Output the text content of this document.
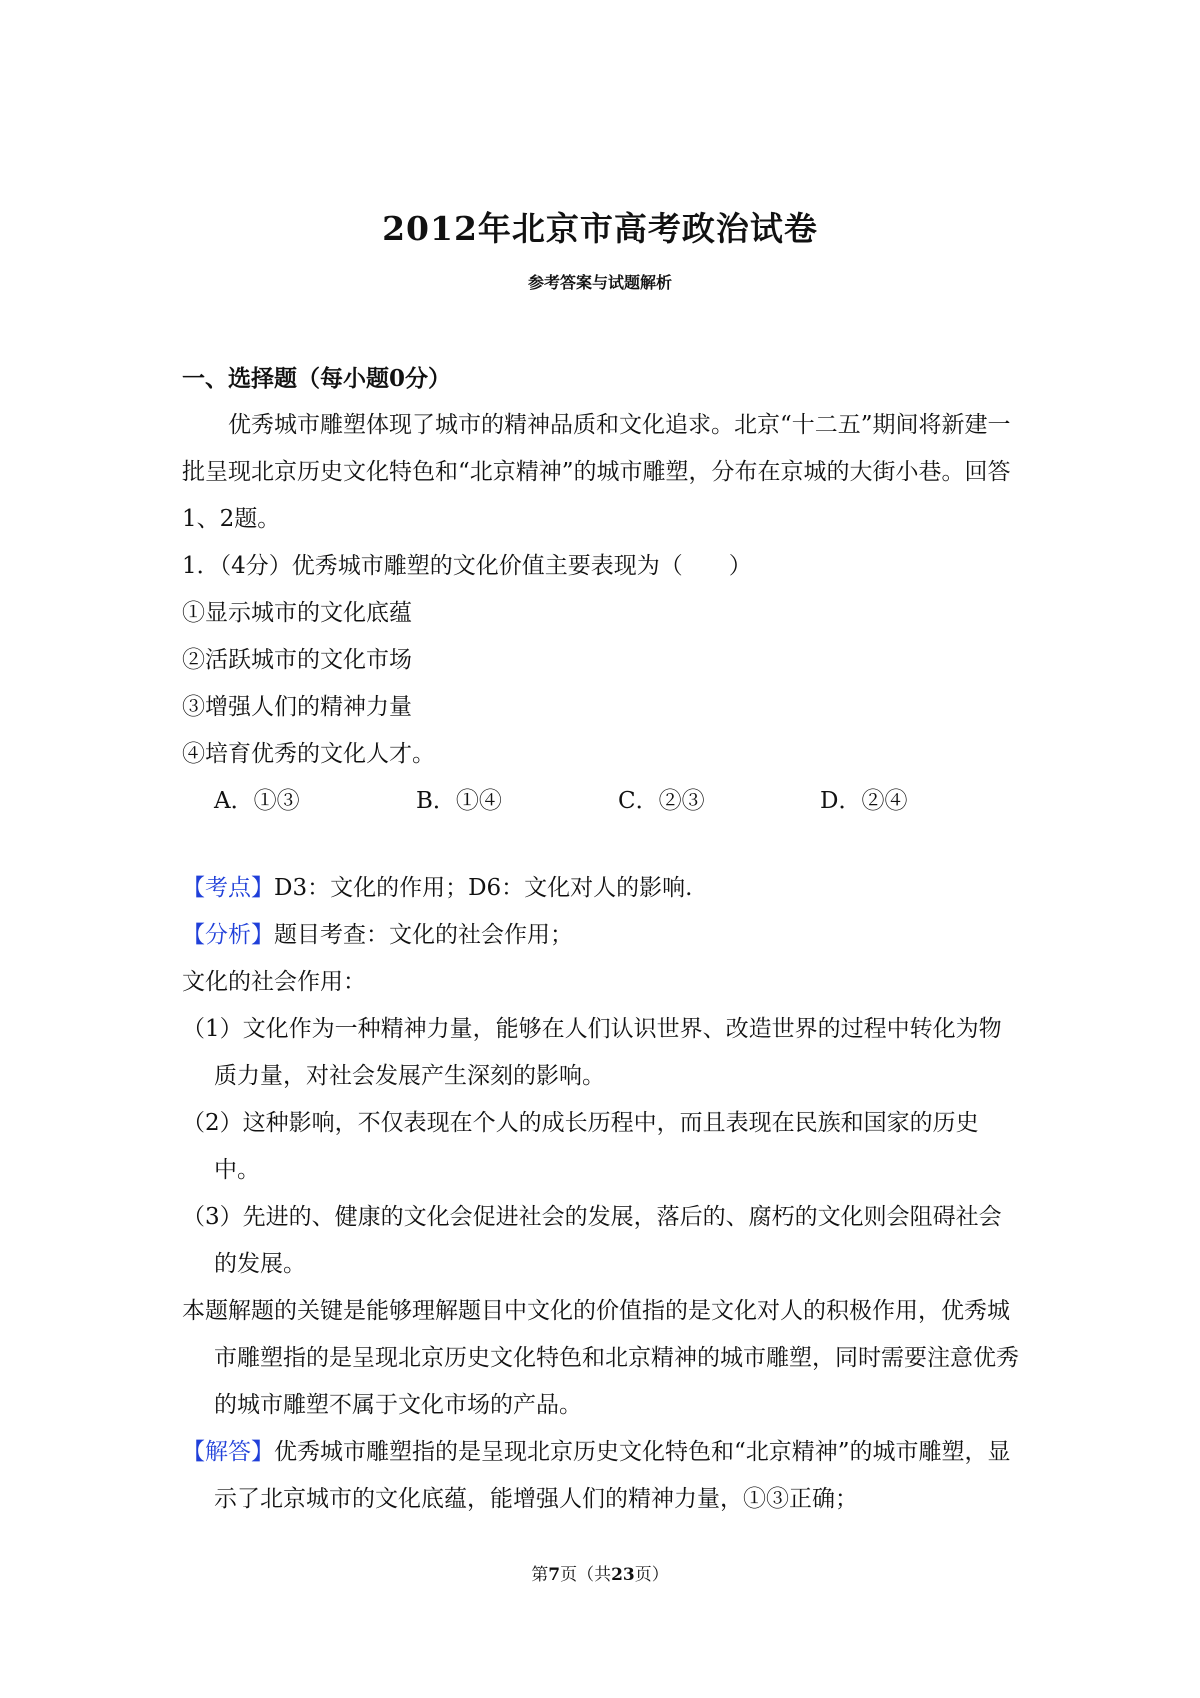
2012年北京市高考政治试卷
参考答案与试题解析
一、选择题（每小题0分）

优秀城市雕塑体现了城市的精神品质和文化追求。北京“十二五”期间将新建一批呈现北京历史文化特色和“北京精神”的城市雕塑，分布在京城的大街小巷。回答1、2题。

1．（4分）优秀城市雕塑的文化价值主要表现为（　　）

①显示城市的文化底蕴

②活跃城市的文化市场

③增强人们的精神力量

④培育优秀的文化人才。

A．①③	B．①④	C．②③	D．②④

【考点】D3：文化的作用；D6：文化对人的影响.

【分析】题目考查：文化的社会作用；

文化的社会作用：

（1）文化作为一种精神力量，能够在人们认识世界、改造世界的过程中转化为物质力量，对社会发展产生深刻的影响。

（2）这种影响，不仅表现在个人的成长历程中，而且表现在民族和国家的历史中。

（3）先进的、健康的文化会促进社会的发展，落后的、腐朽的文化则会阻碍社会的发展。

本题解题的关键是能够理解题目中文化的价值指的是文化对人的积极作用，优秀城市雕塑指的是呈现北京历史文化特色和北京精神的城市雕塑，同时需要注意优秀的城市雕塑不属于文化市场的产品。

【解答】优秀城市雕塑指的是呈现北京历史文化特色和“北京精神”的城市雕塑，显示了北京城市的文化底蕴，能增强人们的精神力量，①③正确；

第7页（共23页）
